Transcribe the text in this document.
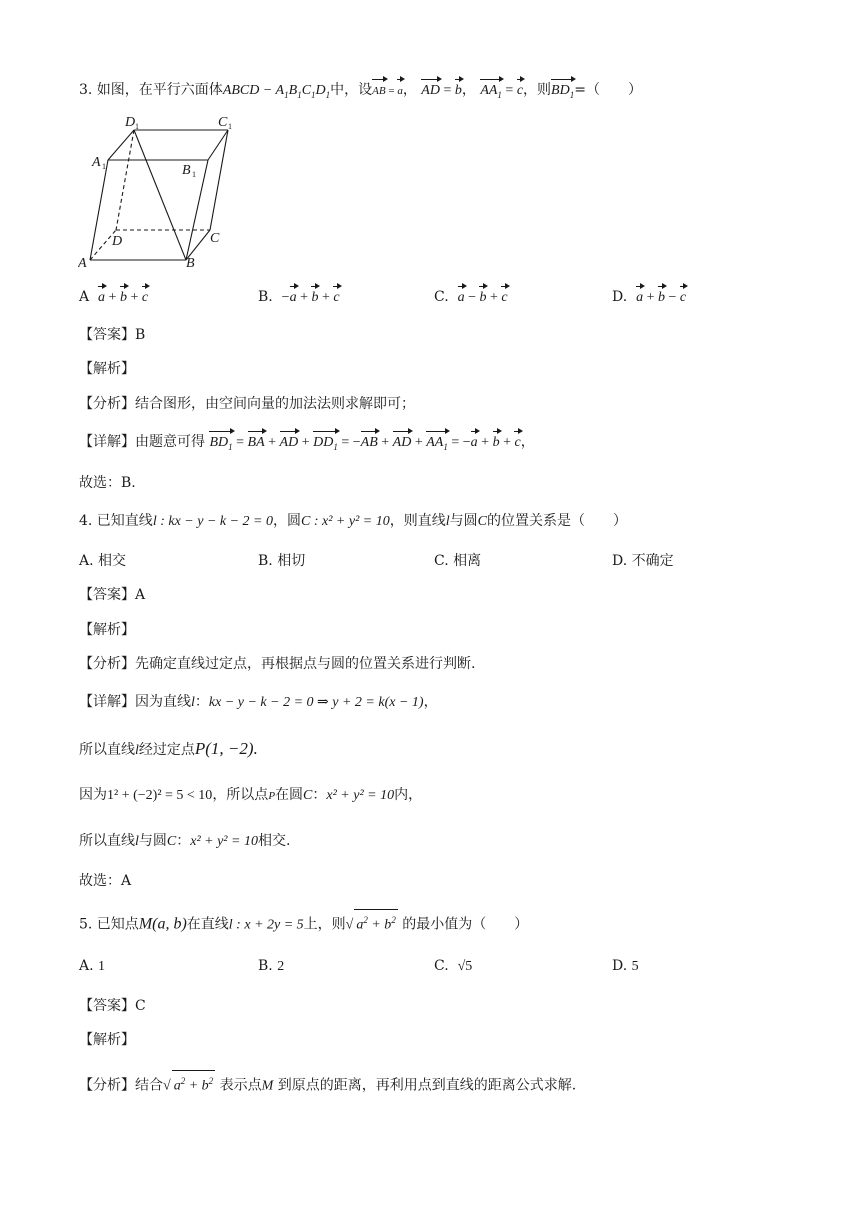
3. 如图，在平行六面体ABCD − $A_1B_1C_1D_1$中，设AB = a， AD = b， $AA_1 = c$，则$BD_1=$（　　）
D 1	C 1
A 1	B 1
D	C
A	B
A a + b + c	B. −a + b + c	C. a − b + c	D. a + b − c
【答案】B
【解析】
【分析】结合图形，由空间向量的加法法则求解即可；
【详解】由题意可得 $BD_1$ = BA + AD + $DD_1 = -AB$ + AD + $AA_1 = -a + b + c$，
故选：B.
4. 已知直线l : kx − y − k − 2 = 0，圆C : x² + y² = 10，则直线l与圆C的位置关系是（　　）
A. 相交	B. 相切	C. 相离	D. 不确定
【答案】A
【解析】
【分析】先确定直线过定点，再根据点与圆的位置关系进行判断.
【详解】因为直线l：kx − y − k − 2 = 0 ⇒ y + 2 = k(x − 1)，
所以直线l经过定点P(1, −2).
因为1² + (−2)² = 5 < 10，所以点P在圆C：x² + y² = 10内，
所以直线l与圆C：x² + y² = 10相交.
故选：A
5. 已知点M(a, b)在直线l : x + 2y = 5上，则√ $a^2 + b^2$ 的最小值为（　　）
A. 1	B. 2	C. √5	D. 5
【答案】C
【解析】
【分析】结合√ $a^2 + b^2$ 表示点M 到原点的距离，再利用点到直线的距离公式求解.
